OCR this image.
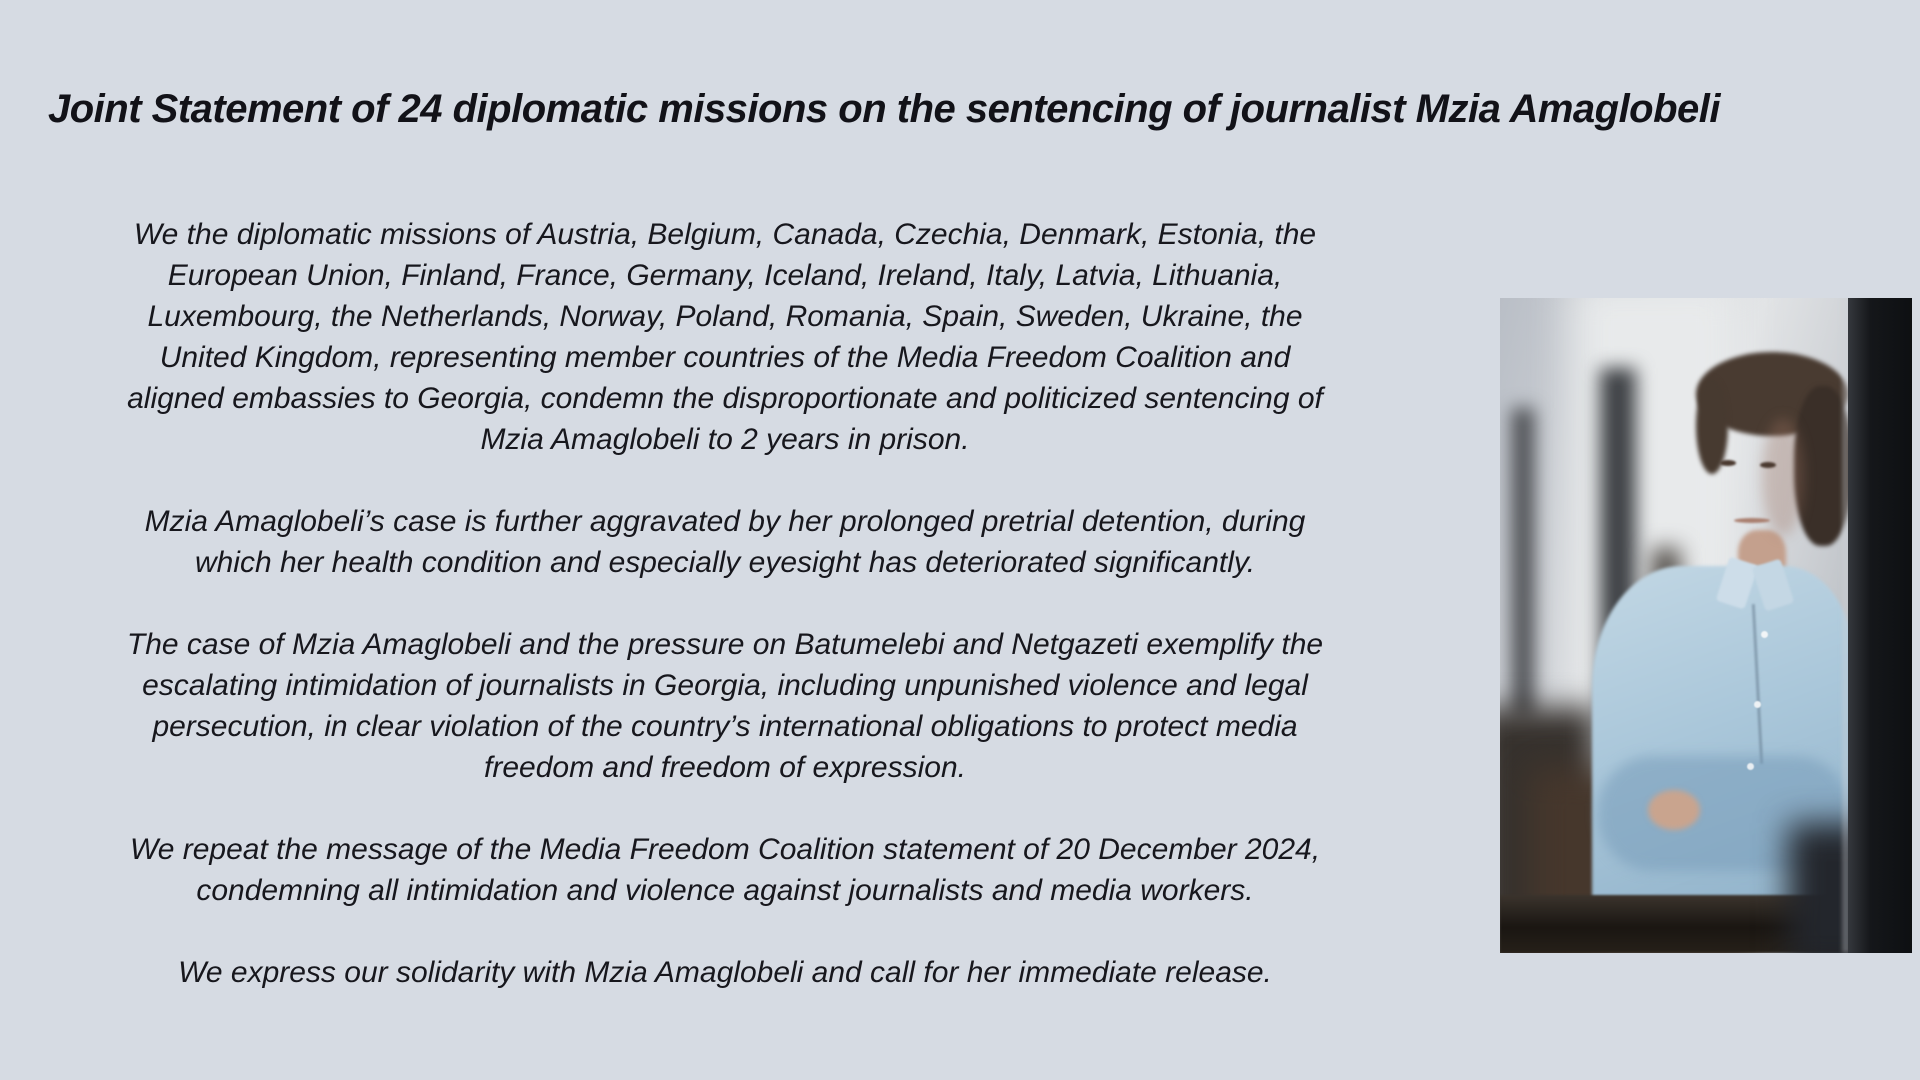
Joint Statement of 24 diplomatic missions on the sentencing of journalist Mzia Amaglobeli
We the diplomatic missions of Austria, Belgium, Canada, Czechia, Denmark, Estonia, the
European Union, Finland, France, Germany, Iceland, Ireland, Italy, Latvia, Lithuania,
Luxembourg, the Netherlands, Norway, Poland, Romania, Spain, Sweden, Ukraine, the
United Kingdom, representing member countries of the Media Freedom Coalition and
aligned embassies to Georgia, condemn the disproportionate and politicized sentencing of
Mzia Amaglobeli to 2 years in prison.
Mzia Amaglobeli’s case is further aggravated by her prolonged pretrial detention, during
which her health condition and especially eyesight has deteriorated significantly.
The case of Mzia Amaglobeli and the pressure on Batumelebi and Netgazeti exemplify the
escalating intimidation of journalists in Georgia, including unpunished violence and legal
persecution, in clear violation of the country’s international obligations to protect media
freedom and freedom of expression.
We repeat the message of the Media Freedom Coalition statement of 20 December 2024,
condemning all intimidation and violence against journalists and media workers.
We express our solidarity with Mzia Amaglobeli and call for her immediate release.
